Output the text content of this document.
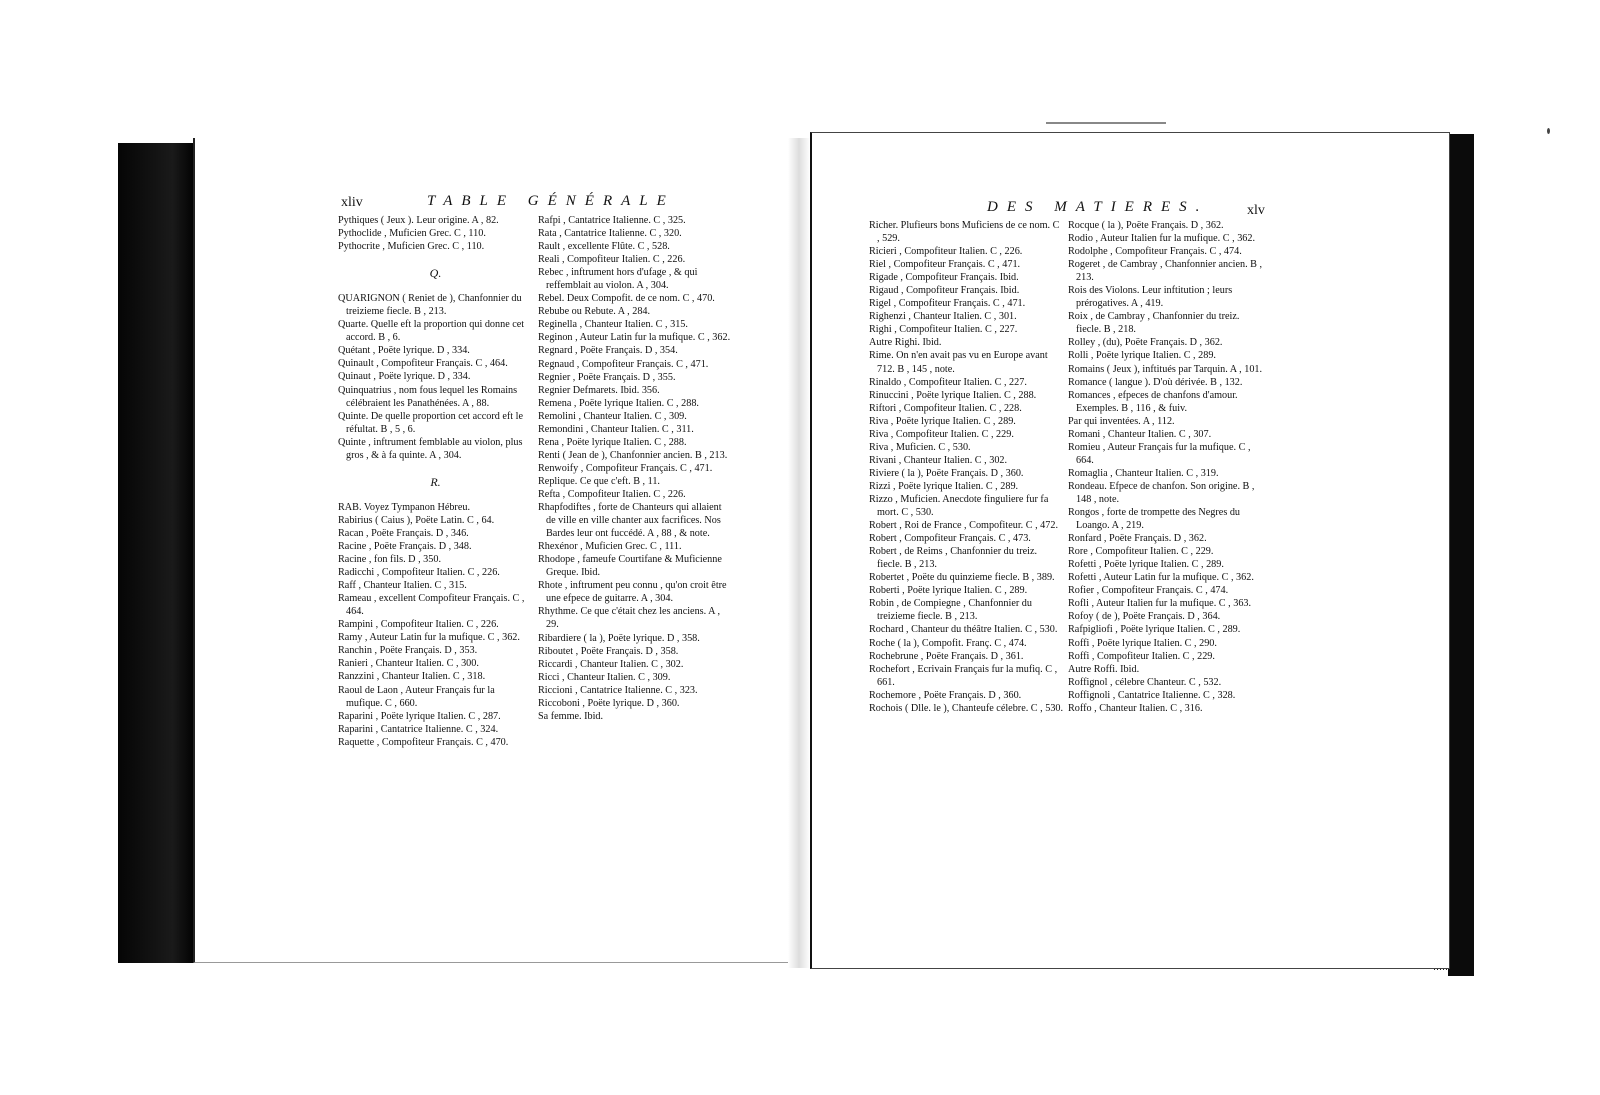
xliv	TABLE GÉNÉRALE
Pythiques ( Jeux ). Leur origine. A , 82.
Pythoclide , Muficien Grec. C , 110.
Pythocrite , Muficien Grec. C , 110.
Q.
QUARIGNON ( Reniet de ), Chanfonnier du treizieme fiecle. B , 213.
Quarte. Quelle eft la proportion qui donne cet accord. B , 6.
Quétant , Poëte lyrique. D , 334.
Quinault , Compofiteur Français. C , 464.
Quinaut , Poëte lyrique. D , 334.
Quinquatrius , nom fous lequel les Romains célébraient les Panathénées. A , 88.
Quinte. De quelle proportion cet accord eft le réfultat. B , 5 , 6.
Quinte , inftrument femblable au violon, plus gros , & à fa quinte. A , 304.
R.
RAB. Voyez Tympanon Hébreu.
Rabirius ( Caius ), Poëte Latin. C , 64.
Racan , Poëte Français. D , 346.
Racine , Poëte Français. D , 348.
Racine , fon fils. D , 350.
Radicchi , Compofiteur Italien. C , 226.
Raff , Chanteur Italien. C , 315.
Rameau , excellent Compofiteur Français. C , 464.
Rampini , Compofiteur Italien. C , 226.
Ramy , Auteur Latin fur la mufique. C , 362.
Ranchin , Poëte Français. D , 353.
Ranieri , Chanteur Italien. C , 300.
Ranzzini , Chanteur Italien. C , 318.
Raoul de Laon , Auteur Français fur la mufique. C , 660.
Raparini , Poëte lyrique Italien. C , 287.
Raparini , Cantatrice Italienne. C , 324.
Raquette , Compofiteur Français. C , 470.
Rafpi , Cantatrice Italienne. C , 325.
Rata , Cantatrice Italienne. C , 320.
Rault , excellente Flûte. C , 528.
Reali , Compofiteur Italien. C , 226.
Rebec , inftrument hors d'ufage , & qui reffemblait au violon. A , 304.
Rebel. Deux Compofit. de ce nom. C , 470.
Rebube ou Rebute. A , 284.
Reginella , Chanteur Italien. C , 315.
Reginon , Auteur Latin fur la mufique. C , 362.
Regnard , Poëte Français. D , 354.
Regnaud , Compofiteur Français. C , 471.
Regnier , Poëte Français. D , 355.
Regnier Defmarets. Ibid. 356.
Remena , Poëte lyrique Italien. C , 288.
Remolini , Chanteur Italien. C , 309.
Remondini , Chanteur Italien. C , 311.
Rena , Poëte lyrique Italien. C , 288.
Renti ( Jean de ), Chanfonnier ancien. B , 213.
Renwoify , Compofiteur Français. C , 471.
Replique. Ce que c'eft. B , 11.
Refta , Compofiteur Italien. C , 226.
Rhapfodiftes , forte de Chanteurs qui allaient de ville en ville chanter aux facrifices. Nos Bardes leur ont fuccédé. A , 88 , & note.
Rhexénor , Muficien Grec. C , 111.
Rhodope , fameufe Courtifane & Muficienne Greque. Ibid.
Rhote , inftrument peu connu , qu'on croit être une efpece de guitarre. A , 304.
Rhythme. Ce que c'était chez les anciens. A , 29.
Ribardiere ( la ), Poëte lyrique. D , 358.
Riboutet , Poëte Français. D , 358.
Riccardi , Chanteur Italien. C , 302.
Ricci , Chanteur Italien. C , 309.
Riccioni , Cantatrice Italienne. C , 323.
Riccoboni , Poëte lyrique. D , 360.
Sa femme. Ibid.
DES MATIERES.	xlv
Richer. Plufieurs bons Muficiens de ce nom. C , 529.
Ricieri , Compofiteur Italien. C , 226.
Riel , Compofiteur Français. C , 471.
Rigade , Compofiteur Français. Ibid.
Rigaud , Compofiteur Français. Ibid.
Rigel , Compofiteur Français. C , 471.
Righenzi , Chanteur Italien. C , 301.
Righi , Compofiteur Italien. C , 227.
Autre Righi. Ibid.
Rime. On n'en avait pas vu en Europe avant 712. B , 145 , note.
Rinaldo , Compofiteur Italien. C , 227.
Rinuccini , Poëte lyrique Italien. C , 288.
Riftori , Compofiteur Italien. C , 228.
Riva , Poëte lyrique Italien. C , 289.
Riva , Compofiteur Italien. C , 229.
Riva , Muficien. C , 530.
Rivani , Chanteur Italien. C , 302.
Riviere ( la ), Poëte Français. D , 360.
Rizzi , Poëte lyrique Italien. C , 289.
Rizzo , Muficien. Anecdote finguliere fur fa mort. C , 530.
Robert , Roi de France , Compofiteur. C , 472.
Robert , Compofiteur Français. C , 473.
Robert , de Reims , Chanfonnier du treiz. fiecle. B , 213.
Robertet , Poëte du quinzieme fiecle. B , 389.
Roberti , Poëte lyrique Italien. C , 289.
Robin , de Compiegne , Chanfonnier du treizieme fiecle. B , 213.
Rochard , Chanteur du théâtre Italien. C , 530.
Roche ( la ), Compofit. Franç. C , 474.
Rochebrune , Poëte Français. D , 361.
Rochefort , Ecrivain Français fur la mufiq. C , 661.
Rochemore , Poëte Français. D , 360.
Rochois ( Dlle. le ), Chanteufe célebre. C , 530.
Rocque ( la ), Poëte Français. D , 362.
Rodio , Auteur Italien fur la mufique. C , 362.
Rodolphe , Compofiteur Français. C , 474.
Rogeret , de Cambray , Chanfonnier ancien. B , 213.
Rois des Violons. Leur inftitution ; leurs prérogatives. A , 419.
Roix , de Cambray , Chanfonnier du treiz. fiecle. B , 218.
Rolley , (du), Poëte Français. D , 362.
Rolli , Poëte lyrique Italien. C , 289.
Romains ( Jeux ), inftitués par Tarquin. A , 101.
Romance ( langue ). D'où dérivée. B , 132.
Romances , efpeces de chanfons d'amour. Exemples. B , 116 , & fuiv.
Par qui inventées. A , 112.
Romani , Chanteur Italien. C , 307.
Romieu , Auteur Français fur la mufique. C , 664.
Romaglia , Chanteur Italien. C , 319.
Rondeau. Efpece de chanfon. Son origine. B , 148 , note.
Rongos , forte de trompette des Negres du Loango. A , 219.
Ronfard , Poëte Français. D , 362.
Rore , Compofiteur Italien. C , 229.
Rofetti , Poëte lyrique Italien. C , 289.
Rofetti , Auteur Latin fur la mufique. C , 362.
Rofier , Compofiteur Français. C , 474.
Rofli , Auteur Italien fur la mufique. C , 363.
Rofoy ( de ), Poëte Français. D , 364.
Rafpigliofi , Poëte lyrique Italien. C , 289.
Roffi , Poëte lyrique Italien. C , 290.
Roffi , Compofiteur Italien. C , 229.
Autre Roffi. Ibid.
Roffignol , célebre Chanteur. C , 532.
Roffignoli , Cantatrice Italienne. C , 328.
Roffo , Chanteur Italien. C , 316.
